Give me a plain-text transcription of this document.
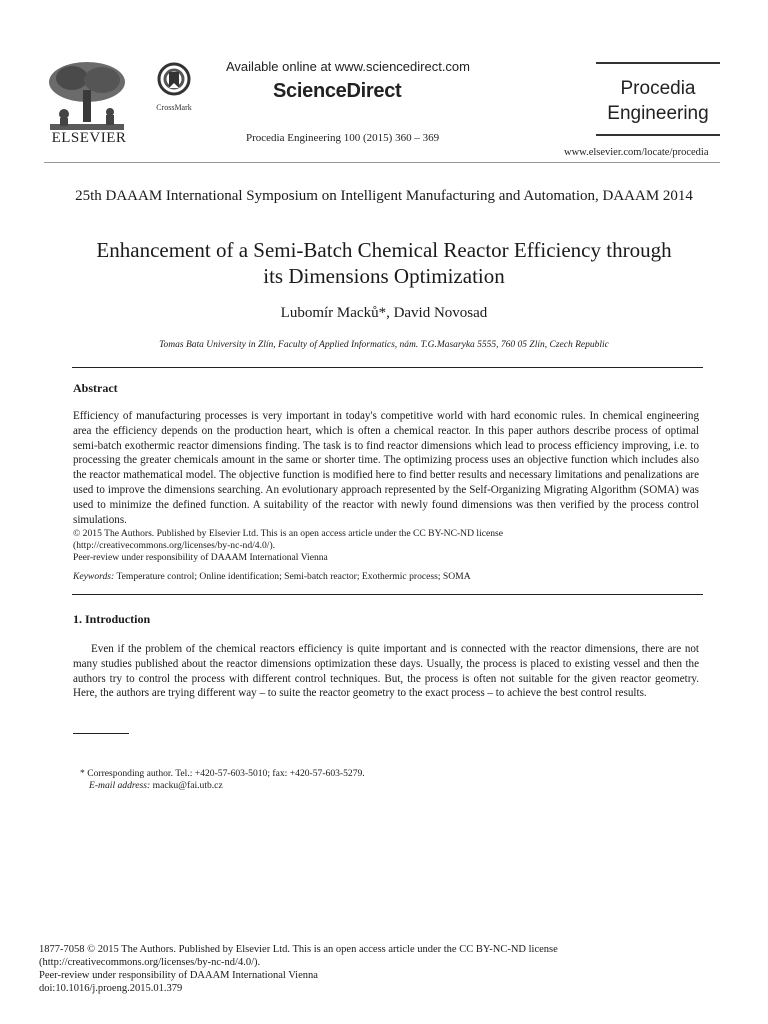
ELSEVIER
CrossMark
Available online at www.sciencedirect.com
ScienceDirect
Procedia Engineering 100 (2015) 360 – 369
Procedia
Engineering
www.elsevier.com/locate/procedia
25th DAAAM International Symposium on Intelligent Manufacturing and Automation, DAAAM 2014
Enhancement of a Semi-Batch Chemical Reactor Efficiency through
its Dimensions Optimization
Lubomír Macků*, David Novosad
Tomas Bata University in Zlín, Faculty of Applied Informatics, nám. T.G.Masaryka 5555, 760 05 Zlín, Czech Republic
Abstract
Efficiency of manufacturing processes is very important in today's competitive world with hard economic rules. In chemical engineering area the efficiency depends on the production heart, which is often a chemical reactor. In this paper authors describe process of optimal semi-batch exothermic reactor dimensions finding. The task is to find reactor dimensions which lead to process efficiency improving, i.e. to processing the greater chemicals amount in the same or shorter time. The optimizing process uses an objective function which includes also the reactor mathematical model. The objective function is modified here to find better results and necessary limitations and penalizations are used to improve the dimensions searching. An evolutionary approach represented by the Self-Organizing Migrating Algorithm (SOMA) was used to minimize the defined function. A suitability of the reactor with newly found dimensions was then verified by the process control simulations.
© 2015 The Authors. Published by Elsevier Ltd. This is an open access article under the CC BY-NC-ND license
(http://creativecommons.org/licenses/by-nc-nd/4.0/).
Peer-review under responsibility of DAAAM International Vienna
Keywords: Temperature control; Online identification; Semi-batch reactor; Exothermic process; SOMA
1. Introduction
Even if the problem of the chemical reactors efficiency is quite important and is connected with the reactor dimensions, there are not many studies published about the reactor dimensions optimization these days. Usually, the process is placed to existing vessel and then the authors try to control the process with different control techniques. But, the process is often not suitable for the given reactor geometry. Here, the authors are trying different way – to suite the reactor geometry to the exact process – to achieve the best control results.
* Corresponding author. Tel.: +420-57-603-5010; fax: +420-57-603-5279.
E-mail address: macku@fai.utb.cz
1877-7058 © 2015 The Authors. Published by Elsevier Ltd. This is an open access article under the CC BY-NC-ND license
(http://creativecommons.org/licenses/by-nc-nd/4.0/).
Peer-review under responsibility of DAAAM International Vienna
doi:10.1016/j.proeng.2015.01.379
